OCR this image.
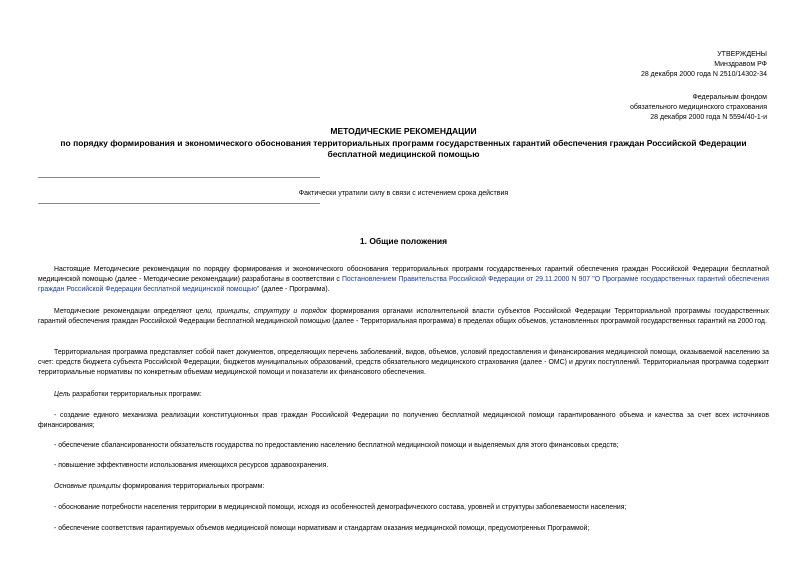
УТВЕРЖДЕНЫ
Минздравом РФ
28 декабря 2000 года N 2510/14302-34
Федеральным фондом
обязательного медицинского страхования
28 декабря 2000 года N 5594/40-1-и
МЕТОДИЧЕСКИЕ РЕКОМЕНДАЦИИ
по порядку формирования и экономического обоснования территориальных программ государственных гарантий обеспечения граждан Российской Федерации
бесплатной медицинской помощью
Фактически утратили силу в связи с истечением срока действия
1. Общие положения

Настоящие Методические рекомендации по порядку формирования и экономического обоснования территориальных программ государственных гарантий обеспечения граждан Российской Федерации бесплатной медицинской помощью (далее - Методические рекомендации) разработаны в соответствии с Постановлением Правительства Российской Федерации от 29.11.2000 N 907 "О Программе государственных гарантий обеспечения граждан Российской Федерации бесплатной медицинской помощью" (далее - Программа).

Методические рекомендации определяют цели, принципы, структуру и порядок формирования органами исполнительной власти субъектов Российской Федерации Территориальной программы государственных гарантий обеспечения граждан Российской Федерации бесплатной медицинской помощью (далее - Территориальная программа) в пределах общих объемов, установленных программой государственных гарантий на 2000 год.

Территориальная программа представляет собой пакет документов, определяющих перечень заболеваний, видов, объемов, условий предоставления и финансирования медицинской помощи, оказываемой населению за счет: средств бюджета субъекта Российской Федерации, бюджетов муниципальных образований, средств обязательного медицинского страхования (далее - ОМС) и других поступлений. Территориальная программа содержит территориальные нормативы по конкретным объемам медицинской помощи и показатели их финансового обеспечения.

Цель разработки территориальных программ:

- создание единого механизма реализации конституционных прав граждан Российской Федерации по получению бесплатной медицинской помощи гарантированного объема и качества за счет всех источников финансирования;

- обеспечение сбалансированности обязательств государства по предоставлению населению бесплатной медицинской помощи и выделяемых для этого финансовых средств;

- повышение эффективности использования имеющихся ресурсов здравоохранения.

Основные принципы формирования территориальных программ:

- обоснование потребности населения территории в медицинской помощи, исходя из особенностей демографического состава, уровней и структуры заболеваемости населения;

- обеспечение соответствия гарантируемых объемов медицинской помощи нормативам и стандартам оказания медицинской помощи, предусмотренных Программой;
